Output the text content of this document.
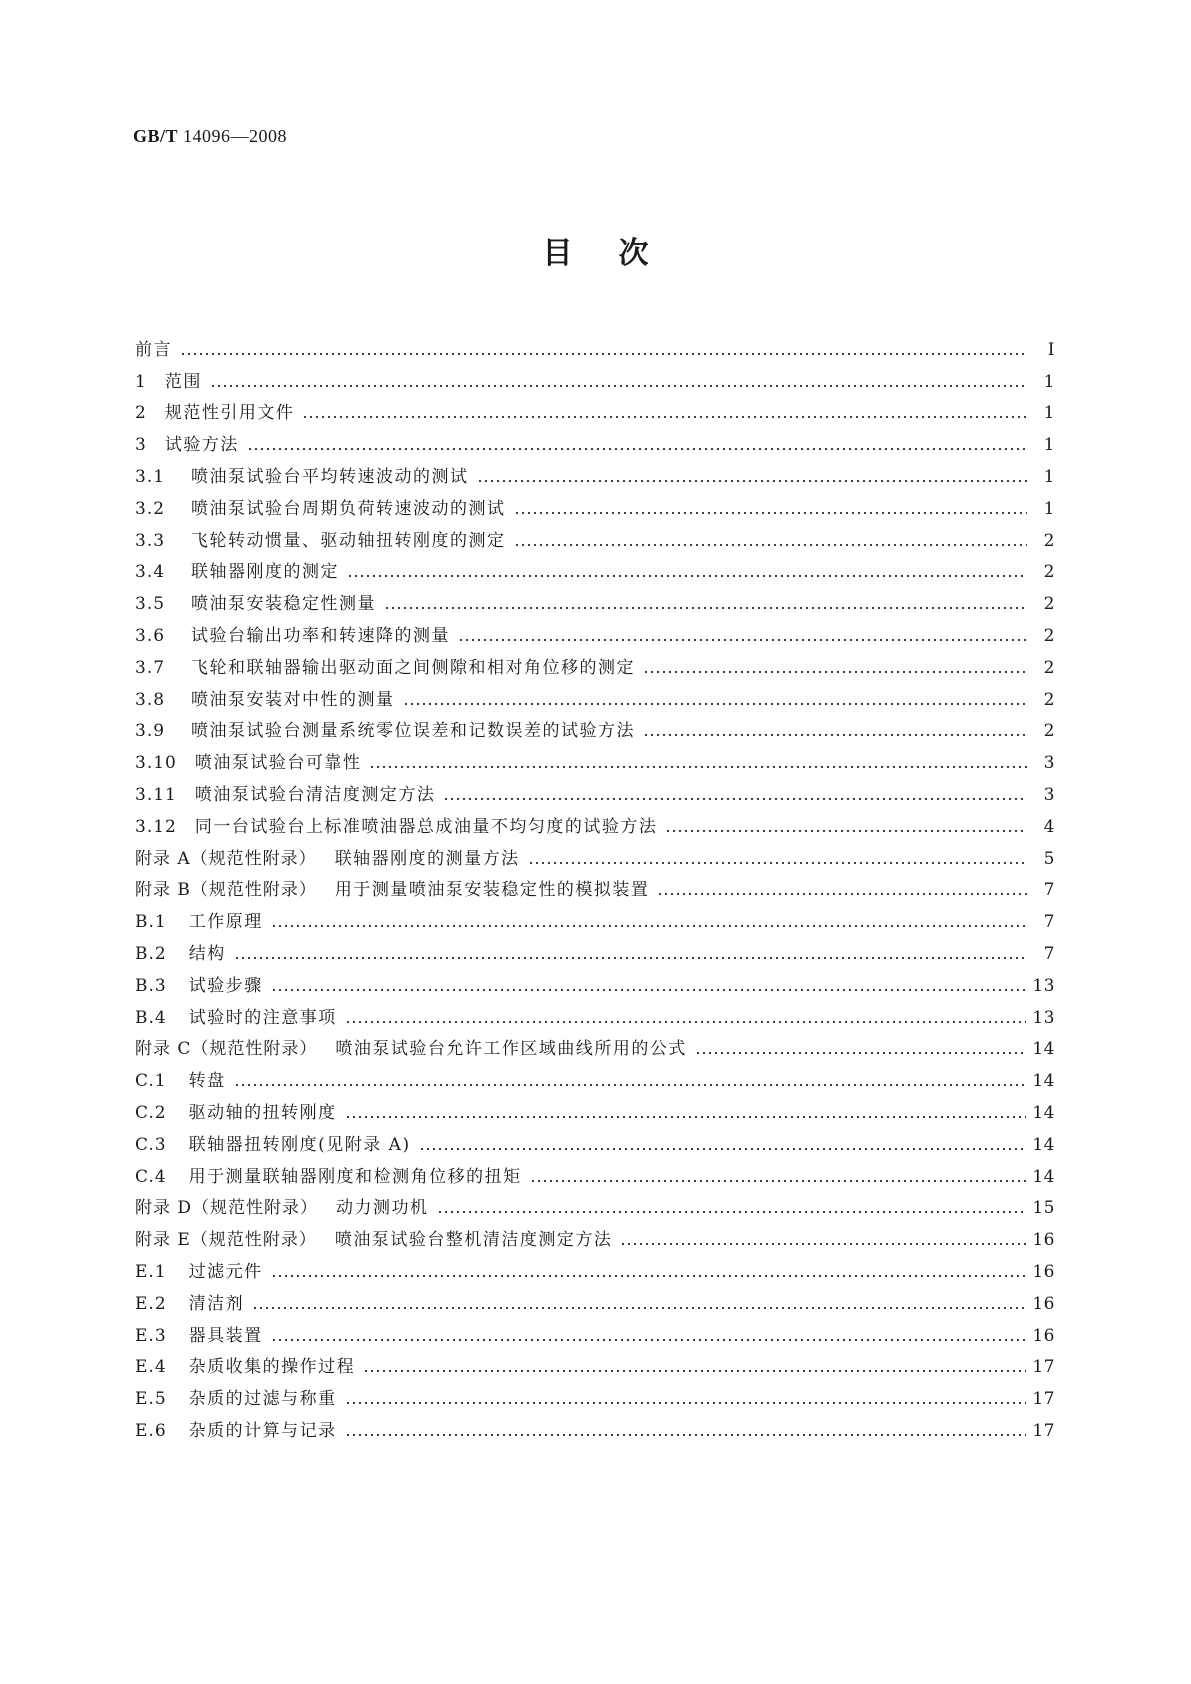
GB/T 14096—2008
目次
前言	Ⅰ
1 范围	1
2 规范性引用文件	1
3 试验方法	1
3.1 喷油泵试验台平均转速波动的测试	1
3.2 喷油泵试验台周期负荷转速波动的测试	1
3.3 飞轮转动惯量、驱动轴扭转刚度的测定	2
3.4 联轴器刚度的测定	2
3.5 喷油泵安装稳定性测量	2
3.6 试验台输出功率和转速降的测量	2
3.7 飞轮和联轴器输出驱动面之间侧隙和相对角位移的测定	2
3.8 喷油泵安装对中性的测量	2
3.9 喷油泵试验台测量系统零位误差和记数误差的试验方法	2
3.10 喷油泵试验台可靠性	3
3.11 喷油泵试验台清洁度测定方法	3
3.12 同一台试验台上标准喷油器总成油量不均匀度的试验方法	4
附录 A（规范性附录） 联轴器刚度的测量方法	5
附录 B（规范性附录） 用于测量喷油泵安装稳定性的模拟装置	7
B.1 工作原理	7
B.2 结构	7
B.3 试验步骤	13
B.4 试验时的注意事项	13
附录 C（规范性附录） 喷油泵试验台允许工作区域曲线所用的公式	14
C.1 转盘	14
C.2 驱动轴的扭转刚度	14
C.3 联轴器扭转刚度(见附录 A)	14
C.4 用于测量联轴器刚度和检测角位移的扭矩	14
附录 D（规范性附录） 动力测功机	15
附录 E（规范性附录） 喷油泵试验台整机清洁度测定方法	16
E.1 过滤元件	16
E.2 清洁剂	16
E.3 器具装置	16
E.4 杂质收集的操作过程	17
E.5 杂质的过滤与称重	17
E.6 杂质的计算与记录	17
